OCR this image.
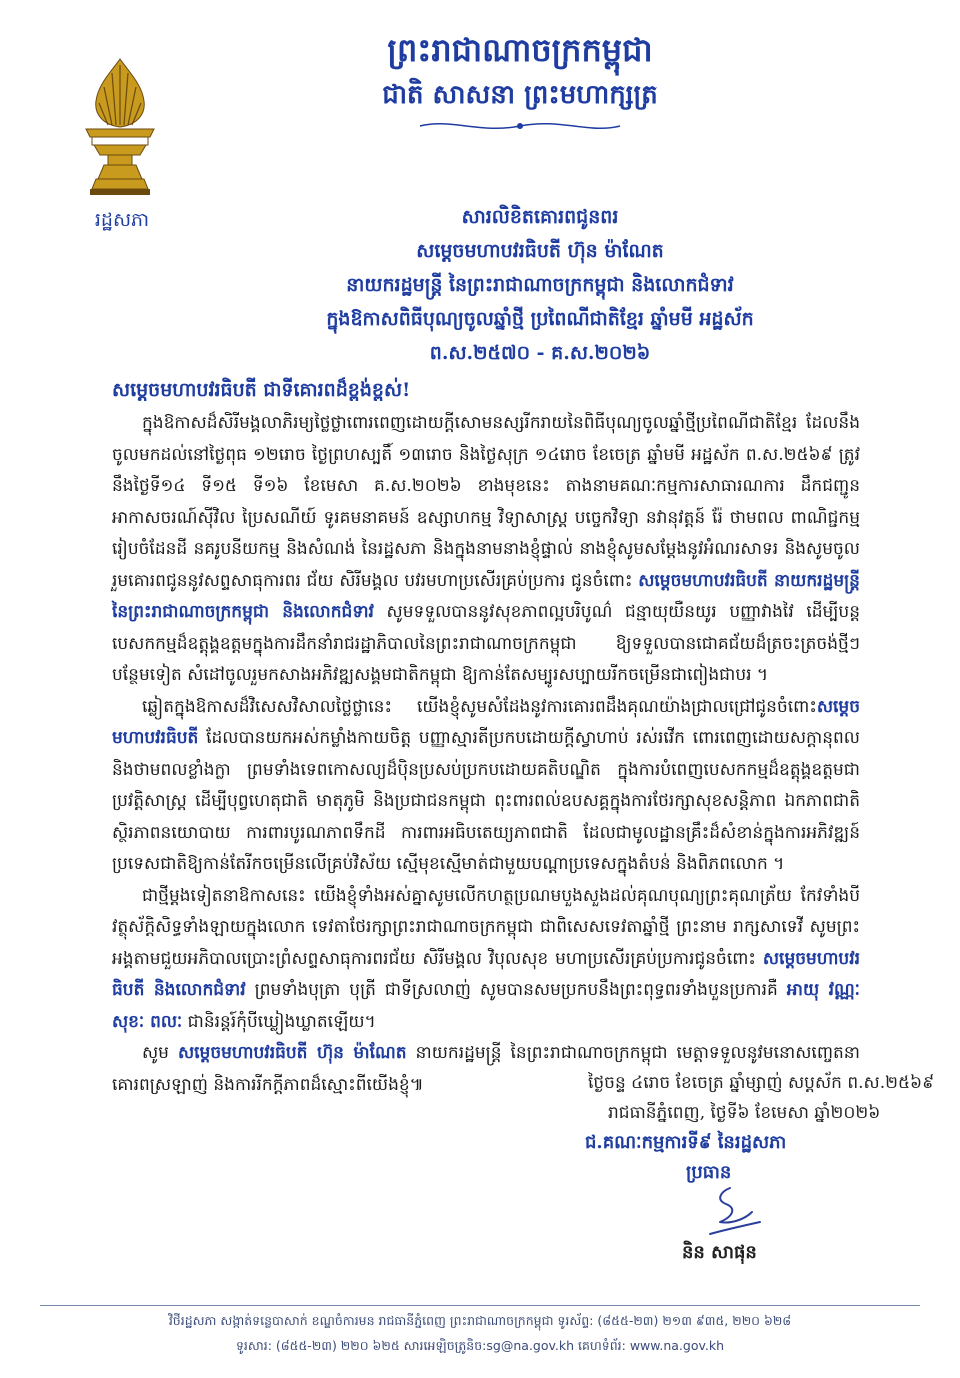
រដ្ឋសភា
ព្រះរាជាណាចក្រកម្ពុជា
ជាតិ សាសនា ព្រះមហាក្សត្រ
សារលិខិតគោរពជូនពរ
សម្តេចមហាបវរធិបតី ហ៊ុន ម៉ាណែត
នាយករដ្ឋមន្ត្រី នៃព្រះរាជាណាចក្រកម្ពុជា និងលោកជំទាវ
ក្នុងឱកាសពិធីបុណ្យចូលឆ្នាំថ្មី ប្រពៃណីជាតិខ្មែរ ឆ្នាំមមី អដ្ឋស័ក
ព.ស.២៥៧០ - គ.ស.២០២៦
សម្តេចមហាបវរធិបតី ជាទីគោរពដ៏ខ្ពង់ខ្ពស់!

ក្នុងឱកាសដ៏សិរីមង្គលាភិរម្យថ្លៃថ្លាពោរពេញដោយក្តីសោមនស្សរីករាយនៃពិធីបុណ្យចូលឆ្នាំថ្មីប្រពៃណីជាតិខ្មែរ ដែលនឹងចូលមកដល់នៅថ្ងៃពុធ ១២រោច ថ្ងៃព្រហស្បតិ៍ ១៣រោច និងថ្ងៃសុក្រ ១៤រោច ខែចេត្រ ឆ្នាំមមី អដ្ឋស័ក ព.ស.២៥៦៩ ត្រូវនឹងថ្ងៃទី១៤ ទី១៥ ទី១៦ ខែមេសា គ.ស.២០២៦ ខាងមុខនេះ តាងនាមគណៈកម្មការសាធារណការ ដឹកជញ្ជូន អាកាសចរណ៍ស៊ីវិល ប្រៃសណីយ៍ ទូរគមនាគមន៍ ឧស្សាហកម្ម វិទ្យាសាស្ត្រ បច្ចេកវិទ្យា នវានុវត្តន៍ រ៉ែ ថាមពល ពាណិជ្ជកម្ម រៀបចំដែនដី នគរូបនីយកម្ម និងសំណង់ នៃរដ្ឋសភា និងក្នុងនាមនាងខ្ញុំផ្ទាល់ នាងខ្ញុំសូមសម្តែងនូវអំណរសាទរ និងសូមចូលរួមគោរពជូននូវសព្ទសាធុការពរ ជ័យ សិរីមង្គល បវរមហាប្រសើរគ្រប់ប្រការ ជូនចំពោះ សម្តេចមហាបវរធិបតី នាយករដ្ឋមន្ត្រីនៃព្រះរាជាណាចក្រកម្ពុជា និងលោកជំទាវ សូមទទួលបាននូវសុខភាពល្អបរិបូណ៌ ជន្មាយុយឺនយូរ បញ្ញាវាងវៃ ដើម្បីបន្តបេសកកម្មដ៏ឧត្តុង្គឧត្តមក្នុងការដឹកនាំរាជរដ្ឋាភិបាលនៃព្រះរាជាណាចក្រកម្ពុជា ឱ្យទទួលបានជោគជ័យដ៏ត្រចះត្រចង់ថ្មីៗបន្ថែមទៀត សំដៅចូលរួមកសាងអភិវឌ្ឍសង្គមជាតិកម្ពុជា ឱ្យកាន់តែសម្បូរសប្បាយរីកចម្រើនជាពៀងជាបរ ។

ឆ្លៀតក្នុងឱកាសដ៏វិសេសវិសាលថ្លៃថ្លានេះ យើងខ្ញុំសូមសំដែងនូវការគោរពដឹងគុណយ៉ាងជ្រាលជ្រៅជូនចំពោះសម្តេចមហាបវរធិបតី ដែលបានយកអស់កម្លាំងកាយចិត្ត បញ្ញាស្មារតីប្រកបដោយក្តីស្វាហាប់ រស់រវើក ពោរពេញដោយសក្តានុពល និងថាមពលខ្លាំងក្លា ព្រមទាំងទេពកោសល្យដ៏ប៉ិនប្រសប់ប្រកបដោយគតិបណ្ឌិត ក្នុងការបំពេញបេសកកម្មដ៏ឧត្តុង្គឧត្តមជាប្រវត្តិសាស្ត្រ ដើម្បីបុព្វហេតុជាតិ មាតុភូមិ និងប្រជាជនកម្ពុជា ពុះពារពល់ឧបសគ្គក្នុងការថែរក្សាសុខសន្តិភាព ឯកភាពជាតិ ស្ថិរភាពនយោបាយ ការពារបូរណភាពទឹកដី ការពារអធិបតេយ្យភាពជាតិ ដែលជាមូលដ្ឋានគ្រឹះដ៏សំខាន់ក្នុងការអភិវឌ្ឍន៍ប្រទេសជាតិឱ្យកាន់តែរីកចម្រើនលើគ្រប់វិស័យ ស្មើមុខស្មើមាត់ជាមួយបណ្តាប្រទេសក្នុងតំបន់ និងពិភពលោក ។

ជាថ្មីម្តងទៀតនាឱកាសនេះ យើងខ្ញុំទាំងអស់គ្នាសូមលើកហត្ថប្រណមបួងសួងដល់គុណបុណ្យព្រះគុណត្រ័យ កែវទាំងបី វត្ថុស័ក្តិសិទ្ធទាំងឡាយក្នុងលោក ទេវតាថែរក្សាព្រះរាជាណាចក្រកម្ពុជា ជាពិសេសទេវតាឆ្នាំថ្មី ព្រះនាម រាក្សសាទេវី សូមព្រះអង្គតាមជួយអភិបាលប្រោះព្រំសព្ទសាធុការពរជ័យ សិរីមង្គល វិបុលសុខ មហាប្រសើរគ្រប់ប្រការជូនចំពោះ សម្តេចមហាបវរធិបតី និងលោកជំទាវ ព្រមទាំងបុត្រា បុត្រី ជាទីស្រលាញ់ សូមបានសមប្រកបនឹងព្រះពុទ្ធពរទាំងបួនប្រការគឺ អាយុ វណ្ណៈ សុខៈ ពលៈ ជានិរន្តរ៍កុំបីឃ្លៀងឃ្លាតឡើយ។

សូម សម្តេចមហាបវរធិបតី ហ៊ុន ម៉ាណែត នាយករដ្ឋមន្ត្រី នៃព្រះរាជាណាចក្រកម្ពុជា មេត្តាទទួលនូវមនោសញ្ចេតនាគោរពស្រឡាញ់ និងការរីកក្តីភាពដ៏ស្មោះពីយើងខ្ញុំ៕	ថ្ងៃចន្ទ ៤រោច ខែចេត្រ ឆ្នាំម្សាញ់ សប្តស័ក ព.ស.២៥៦៩
រាជធានីភ្នំពេញ, ថ្ងៃទី៦ ខែមេសា ឆ្នាំ២០២៦
ជ.គណៈកម្មការទី៩ នៃរដ្ឋសភា
ប្រធាន
និន សាផុន
វិថីរដ្ឋសភា សង្កាត់ទន្លេបាសាក់ ខណ្ឌចំការមន រាជធានីភ្នំពេញ ព្រះរាជាណាចក្រកម្ពុជា ទូរស័ព្ទ: (៨៥៥-២៣) ២១៣ ៩៣៥, ២២០ ៦២៨
ទូរសារ: (៨៥៥-២៣) ២២០ ៦២៥ សារអេឡិចត្រូនិច:sg@na.gov.kh គេហទំព័រ: www.na.gov.kh
